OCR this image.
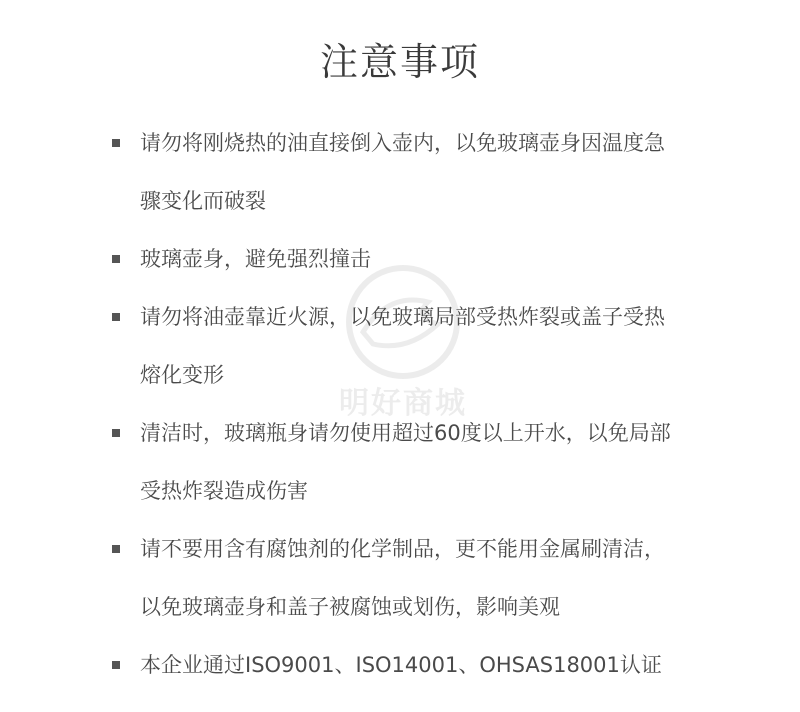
注意事项
明好商城
请勿将刚烧热的油直接倒入壶内，以免玻璃壶身因温度急
骤变化而破裂
玻璃壶身，避免强烈撞击
请勿将油壶靠近火源，以免玻璃局部受热炸裂或盖子受热
熔化变形
清洁时，玻璃瓶身请勿使用超过60度以上开水，以免局部
受热炸裂造成伤害
请不要用含有腐蚀剂的化学制品，更不能用金属刷清洁，
以免玻璃壶身和盖子被腐蚀或划伤，影响美观
本企业通过ISO9001、ISO14001、OHSAS18001认证
